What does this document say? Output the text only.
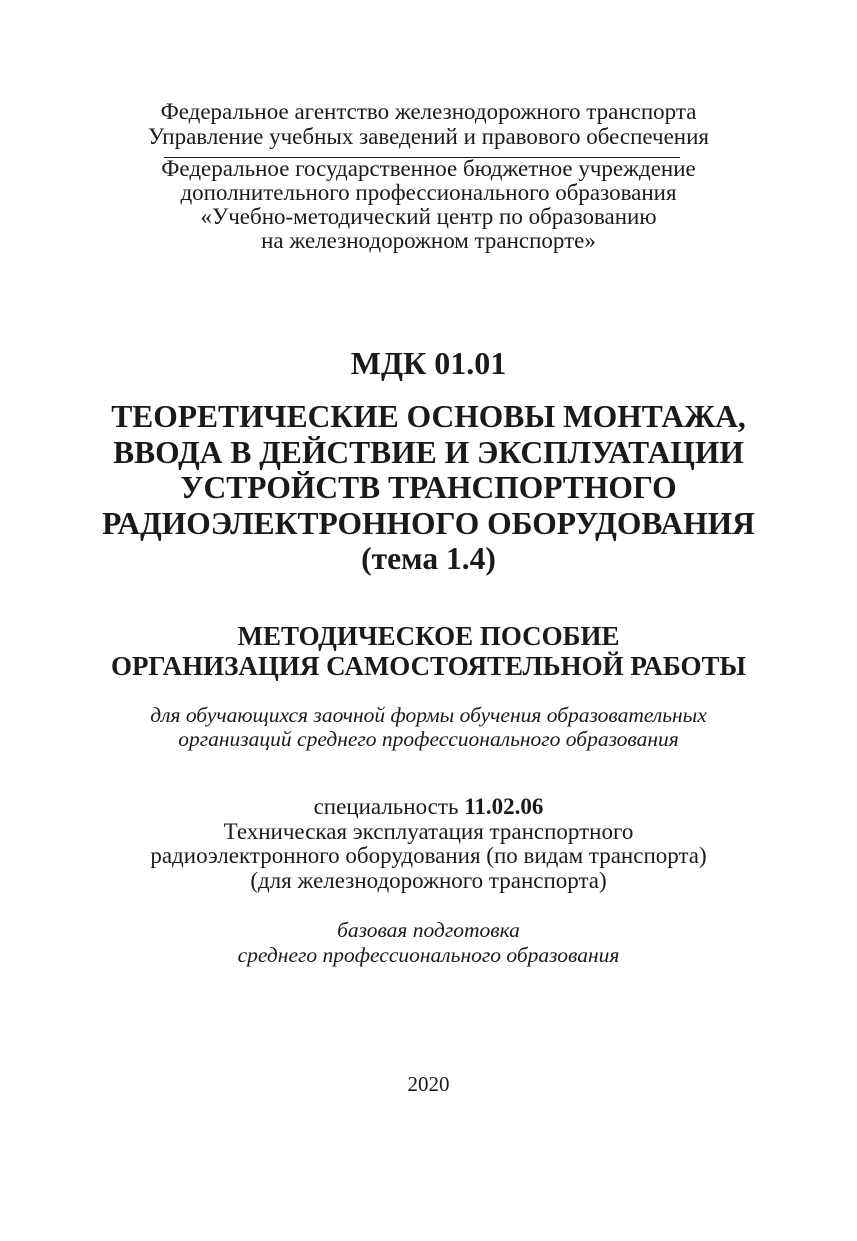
Федеральное агентство железнодорожного транспорта
Управление учебных заведений и правового обеспечения
Федеральное государственное бюджетное учреждение
дополнительного профессионального образования
«Учебно-методический центр по образованию
на железнодорожном транспорте»
МДК 01.01
ТЕОРЕТИЧЕСКИЕ ОСНОВЫ МОНТАЖА,
ВВОДА В ДЕЙСТВИЕ И ЭКСПЛУАТАЦИИ
УСТРОЙСТВ ТРАНСПОРТНОГО
РАДИОЭЛЕКТРОННОГО ОБОРУДОВАНИЯ
(тема 1.4)
МЕТОДИЧЕСКОЕ ПОСОБИЕ
ОРГАНИЗАЦИЯ САМОСТОЯТЕЛЬНОЙ РАБОТЫ
для обучающихся заочной формы обучения образовательных
организаций среднего профессионального образования
специальность 11.02.06
Техническая эксплуатация транспортного
радиоэлектронного оборудования (по видам транспорта)
(для железнодорожного транспорта)
базовая подготовка
среднего профессионального образования
2020
